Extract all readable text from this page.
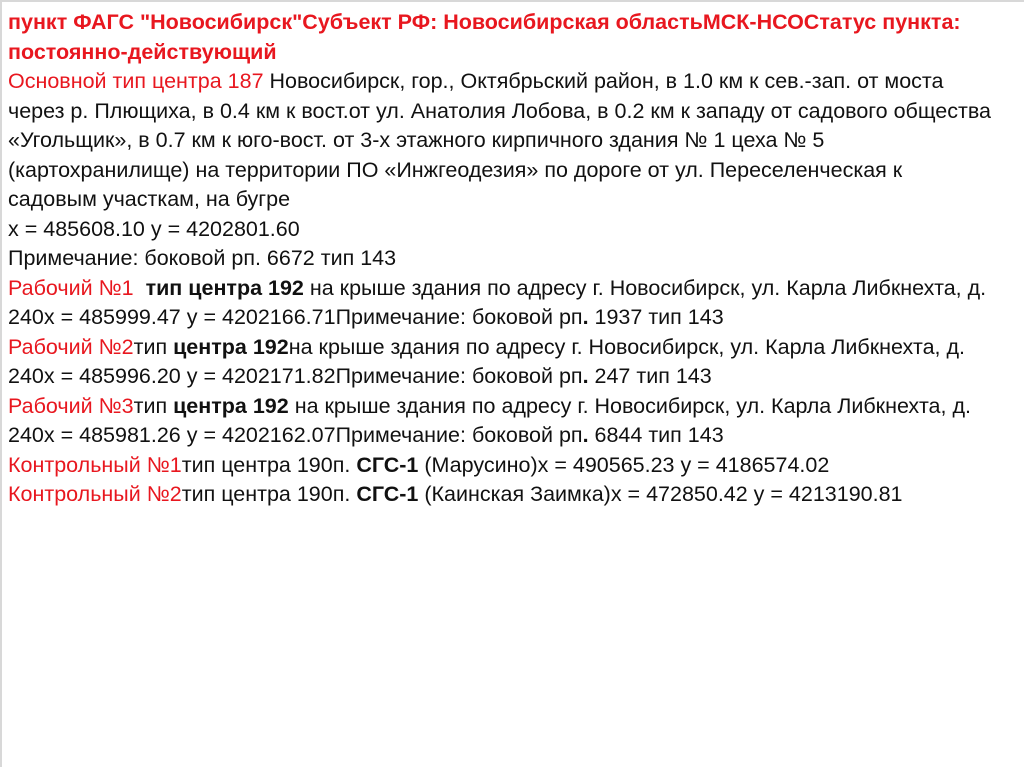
пункт ФАГС "Новосибирск"Субъект РФ: Новосибирская областьМСК-НСОСтатус пункта: постоянно-действующий
Основной тип центра 187 Новосибирск, гор., Октябрьский район, в 1.0 км к сев.-зап. от моста через р. Плющиха, в 0.4 км к вост.от ул. Анатолия Лобова, в 0.2 км к западу от садового общества «Угольщик», в 0.7 км к юго-вост. от 3-х этажного кирпичного здания № 1 цеха № 5 (картохранилище) на территории ПО «Инжгеодезия» по дороге от ул. Переселенческая к садовым участкам, на бугре
x = 485608.10 y = 4202801.60
Примечание: боковой рп. 6672 тип 143
Рабочий №1 тип центра 192 на крыше здания по адресу г. Новосибирск, ул. Карла Либкнехта, д. 240x = 485999.47 y = 4202166.71Примечание: боковой рп. 1937 тип 143
Рабочий №2тип центра 192на крыше здания по адресу г. Новосибирск, ул. Карла Либкнехта, д. 240x = 485996.20 y = 4202171.82Примечание: боковой рп. 247 тип 143
Рабочий №3тип центра 192 на крыше здания по адресу г. Новосибирск, ул. Карла Либкнехта, д. 240x = 485981.26 y = 4202162.07Примечание: боковой рп. 6844 тип 143
Контрольный №1тип центра 190п. СГС-1 (Марусино)x = 490565.23 y = 4186574.02
Контрольный №2тип центра 190п. СГС-1 (Каинская Заимка)x = 472850.42 y = 4213190.81
